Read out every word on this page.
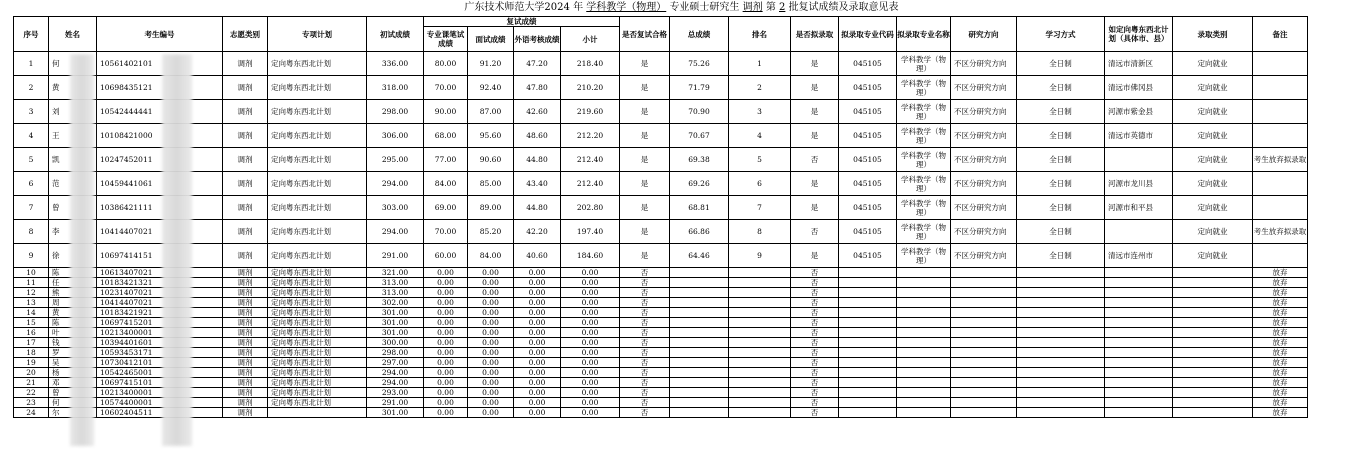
广东技术师范大学2024 年 学科教学（物理） 专业硕士研究生 调剂 第 2 批复试成绩及录取意见表
序号	姓名	考生编号	志愿类别	专项计划	初试成绩	复试成绩				是否复试合格	总成绩	排名	是否拟录取	拟录取专业代码	拟录取专业名称	研究方向	学习方式	如定向粤东西北计划（具体市、县）	录取类别	备注
						专业课笔试成绩	面试成绩	外语考核成绩	小计											
1	何	10561402101	调剂	定向粤东西北计划	336.00	80.00	91.20	47.20	218.40	是	75.26	1	是	045105	学科教学（物理）	不区分研究方向	全日制	清远市清新区	定向就业	
2	黄	10698435121	调剂	定向粤东西北计划	318.00	70.00	92.40	47.80	210.20	是	71.79	2	是	045105	学科教学（物理）	不区分研究方向	全日制	清远市佛冈县	定向就业	
3	刘	10542444441	调剂	定向粤东西北计划	298.00	90.00	87.00	42.60	219.60	是	70.90	3	是	045105	学科教学（物理）	不区分研究方向	全日制	河源市紫金县	定向就业	
4	王	10108421000	调剂	定向粤东西北计划	306.00	68.00	95.60	48.60	212.20	是	70.67	4	是	045105	学科教学（物理）	不区分研究方向	全日制	清远市英德市	定向就业	
5	凯	10247452011	调剂	定向粤东西北计划	295.00	77.00	90.60	44.80	212.40	是	69.38	5	否	045105	学科教学（物理）	不区分研究方向	全日制		定向就业	考生放弃拟录取
6	范	10459441061	调剂	定向粤东西北计划	294.00	84.00	85.00	43.40	212.40	是	69.26	6	是	045105	学科教学（物理）	不区分研究方向	全日制	河源市龙川县	定向就业	
7	曾	10386421111	调剂	定向粤东西北计划	303.00	69.00	89.00	44.80	202.80	是	68.81	7	是	045105	学科教学（物理）	不区分研究方向	全日制	河源市和平县	定向就业	
8	李	10414407021	调剂	定向粤东西北计划	294.00	70.00	85.20	42.20	197.40	是	66.86	8	否	045105	学科教学（物理）	不区分研究方向	全日制		定向就业	考生放弃拟录取
9	徐	10697414151	调剂	定向粤东西北计划	291.00	60.00	84.00	40.60	184.60	是	64.46	9	是	045105	学科教学（物理）	不区分研究方向	全日制	清远市连州市	定向就业	
10	陈	10613407021	调剂	定向粤东西北计划	321.00	0.00	0.00	0.00	0.00	否			否							放弃
11	任	10183421321	调剂	定向粤东西北计划	313.00	0.00	0.00	0.00	0.00	否			否							放弃
12	熊	10231407021	调剂	定向粤东西北计划	313.00	0.00	0.00	0.00	0.00	否			否							放弃
13	周	10414407021	调剂	定向粤东西北计划	302.00	0.00	0.00	0.00	0.00	否			否							放弃
14	黄	10183421921	调剂	定向粤东西北计划	301.00	0.00	0.00	0.00	0.00	否			否							放弃
15	陈	10697415201	调剂	定向粤东西北计划	301.00	0.00	0.00	0.00	0.00	否			否							放弃
16	叶	10213400001	调剂	定向粤东西北计划	301.00	0.00	0.00	0.00	0.00	否			否							放弃
17	钱	10394401601	调剂	定向粤东西北计划	300.00	0.00	0.00	0.00	0.00	否			否							放弃
18	罗	10593453171	调剂	定向粤东西北计划	298.00	0.00	0.00	0.00	0.00	否			否							放弃
19	吴	10730412101	调剂	定向粤东西北计划	297.00	0.00	0.00	0.00	0.00	否			否							放弃
20	杨	10542465001	调剂	定向粤东西北计划	294.00	0.00	0.00	0.00	0.00	否			否							放弃
21	邓	10697415101	调剂	定向粤东西北计划	294.00	0.00	0.00	0.00	0.00	否			否							放弃
22	曾	10213400001	调剂	定向粤东西北计划	293.00	0.00	0.00	0.00	0.00	否			否							放弃
23	何	10574400001	调剂	定向粤东西北计划	291.00	0.00	0.00	0.00	0.00	否			否							放弃
24	尔	10602404511	调剂		301.00	0.00	0.00	0.00	0.00	否			否							放弃
